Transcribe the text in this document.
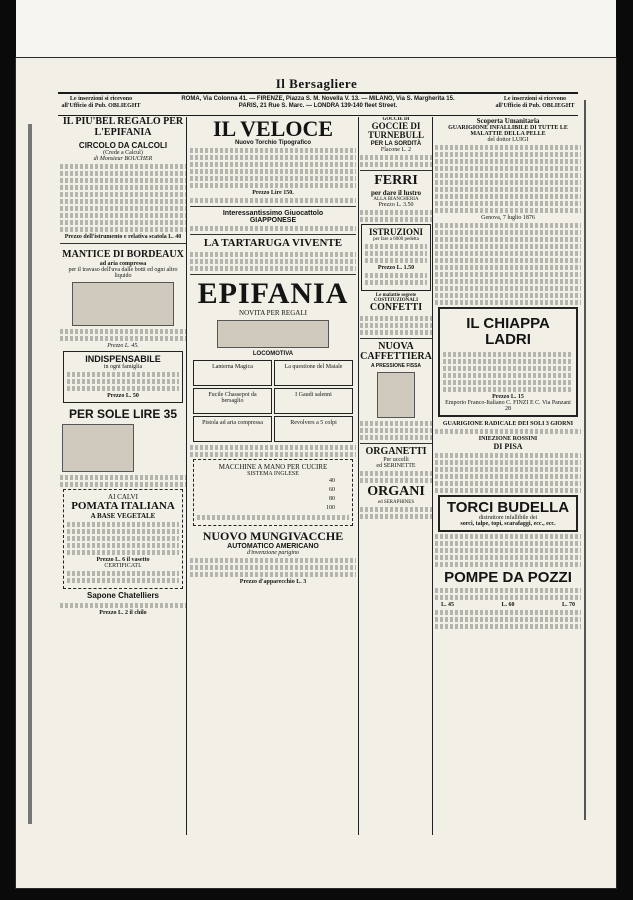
Il Bersagliere
Le inserzioni si ricevono all'Ufficio di Pub. OBLIEGHT
ROMA, Via Colonna 41. — FIRENZE, Piazza S. M. Novella V. 13. — MILANO, Via S. Margherita 15.
PARIS, 21 Rue S. Marc. — LONDRA 139-140 fleet Street.
Le inserzioni si ricevono all'Ufficio di Pub. OBLIEGHT
IL PIU'BEL REGALO PER L'EPIFANIA
CIRCOLO DA CALCOLI
(Crede a Calcul)
di Monsieur BOUCHER
Prezzo dell'istrumento e relativa scatola L. 40
MANTICE DI BORDEAUX
ad aria compressa
per il travaso dell'uva dalle botti ed ogni altro liquido
Prezzo L. 45.
INDISPENSABILE
in ogni famiglia
Prezzo L. 50
PER SOLE LIRE 35
AI CALVI
POMATA ITALIANA
A BASE VEGETALE
Prezzo L. 6 il vasetto
CERTIFICATI.
Sapone Chatelliers
Prezzo L. 2 il chilo
IL VELOCE
Nuovo Torchio Tipografico
Prezzo Lire 150.
Interessantissimo Giuocattolo
GIAPPONESE
LA TARTARUGA VIVENTE
EPIFANIA
NOVITA PER REGALI
LOCOMOTIVA
Lanterna Magica	La questione del Maiale
Fucile Chassepot da bersaglio
I Gaudi salenni
Pistola ad aria compressa	Revolvers a 5 colpi
MACCHINE A MANO PER CUCIRE
SISTEMA INGLESE
40
60
80
100
NUOVO MUNGIVACCHE
AUTOMATICO AMERICANO
d'invenzione parigino
Prezzo d'apparecchio L. 3
GOCCIE DI
GOCCIE DI TURNEBULL
PER LA SORDITÀ
Flacone L. 2
FERRI
per dare il lustro
ALLA BIANCHERIA
Prezzo L. 3.50
ISTRUZIONI
per fare a 6000 pedetta
Prezzo L. 1.50
Le malattie segrete COSTITUZIONALI
CONFETTI
NUOVA CAFFETTIERA
A PRESSIONE FISSA
ORGANETTI
Per uccelli
ed SERINETTE
ORGANI
ed SERAPHINES
Scoperta Umanitaria
GUARIGIONE INFALLIBILE DI TUTTE LE MALATTIE DELLA PELLE
del dottor LUIGI
Genova, 7 luglio 1876
IL CHIAPPA LADRI
Prezzo L. 15
Emporio Franco-Italiano C. FINZI E C. Via Panzani 28
GUARIGIONE RADICALE DEI SOLI 3 GIORNI
INIEZIONE ROSSINI
DI PISA
TORCI BUDELLA
distruttore infallibile dei
sorci, talpe, topi, scarafaggi, ecc., ecc.
POMPE DA POZZI
L. 45	L. 60	L. 70
